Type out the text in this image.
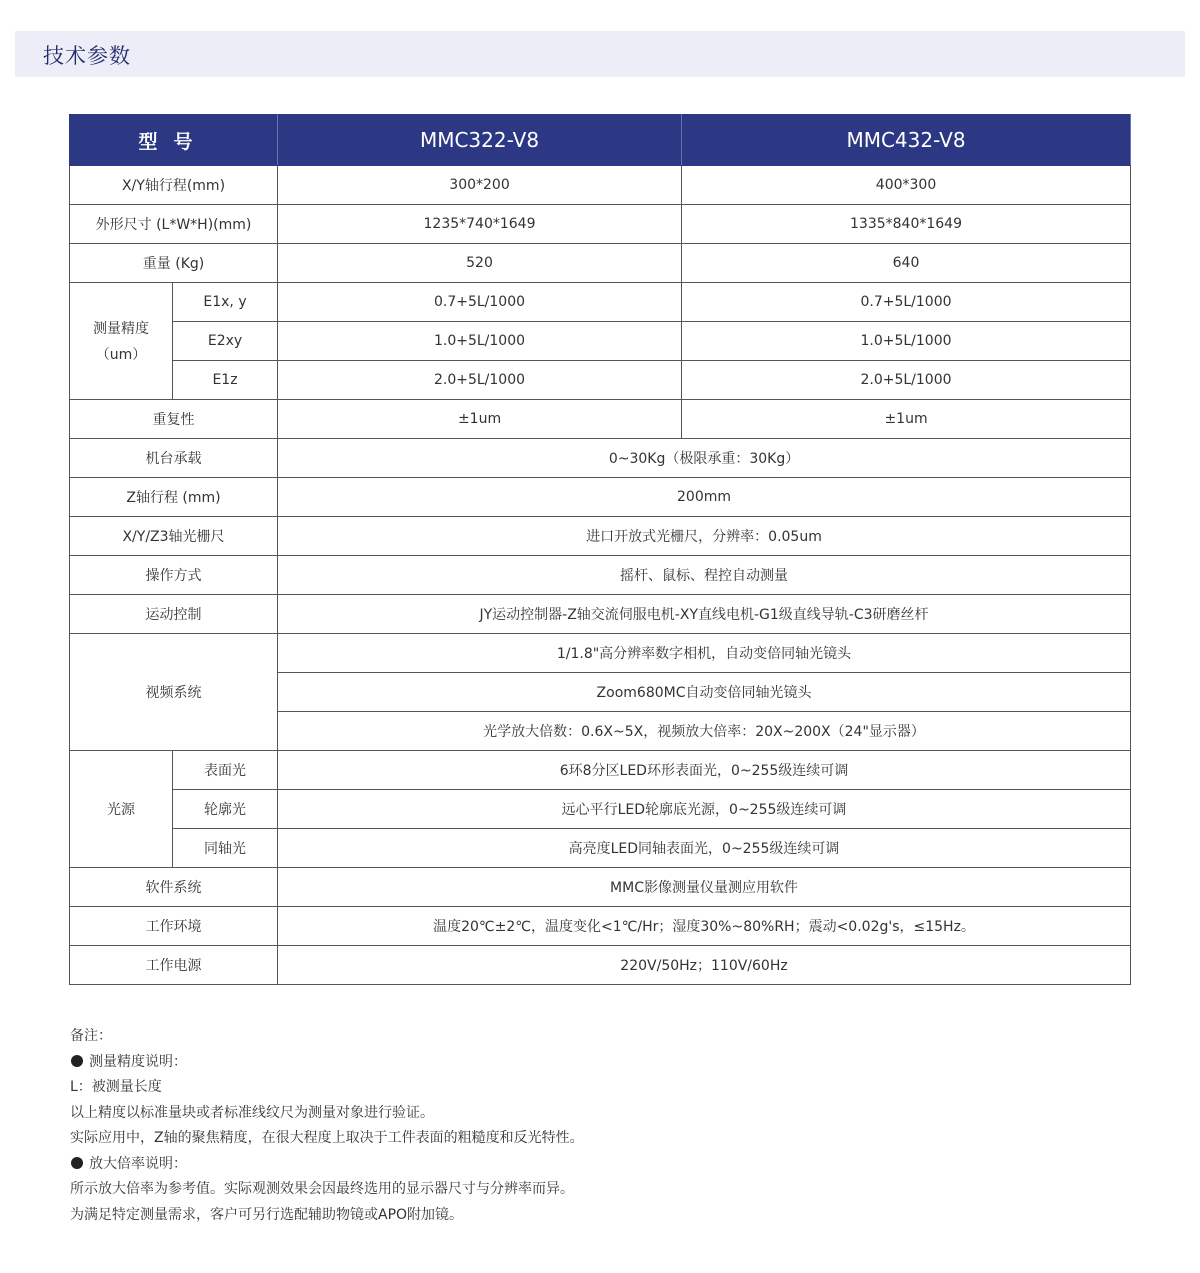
技术参数
型号		MMC322-V8	MMC432-V8
X/Y轴行程(mm)		300*200	400*300
外形尺寸 (L*W*H)(mm)		1235*740*1649	1335*840*1649
重量 (Kg)		520	640

测量精度
（um）	E1x, y	0.7+5L/1000	0.7+5L/1000
	E2xy	1.0+5L/1000	1.0+5L/1000
	E1z	2.0+5L/1000	2.0+5L/1000
重复性		±1um	±1um
机台承载		0~30Kg（极限承重：30Kg）	
Z轴行程 (mm)		200mm	
X/Y/Z3轴光栅尺		进口开放式光栅尺，分辨率：0.05um	
操作方式		摇杆、鼠标、程控自动测量	
运动控制		JY运动控制器-Z轴交流伺服电机-XY直线电机-G1级直线导轨-C3研磨丝杆	
视频系统		1/1.8"高分辨率数字相机，自动变倍同轴光镜头	
		Zoom680MC自动变倍同轴光镜头	
		光学放大倍数：0.6X~5X，视频放大倍率：20X~200X（24"显示器）	
光源	表面光	6环8分区LED环形表面光，0~255级连续可调	
	轮廓光	远心平行LED轮廓底光源，0~255级连续可调	
	同轴光	高亮度LED同轴表面光，0~255级连续可调	
软件系统		MMC影像测量仪量测应用软件	
工作环境		温度20℃±2℃，温度变化<1℃/Hr；湿度30%~80%RH；震动<0.02g's，≤15Hz。	
工作电源		220V/50Hz；110V/60Hz	
备注：
测量精度说明：
L：被测量长度
以上精度以标准量块或者标准线纹尺为测量对象进行验证。
实际应用中，Z轴的聚焦精度，在很大程度上取决于工件表面的粗糙度和反光特性。
放大倍率说明：
所示放大倍率为参考值。实际观测效果会因最终选用的显示器尺寸与分辨率而异。
为满足特定测量需求，客户可另行选配辅助物镜或APO附加镜。
